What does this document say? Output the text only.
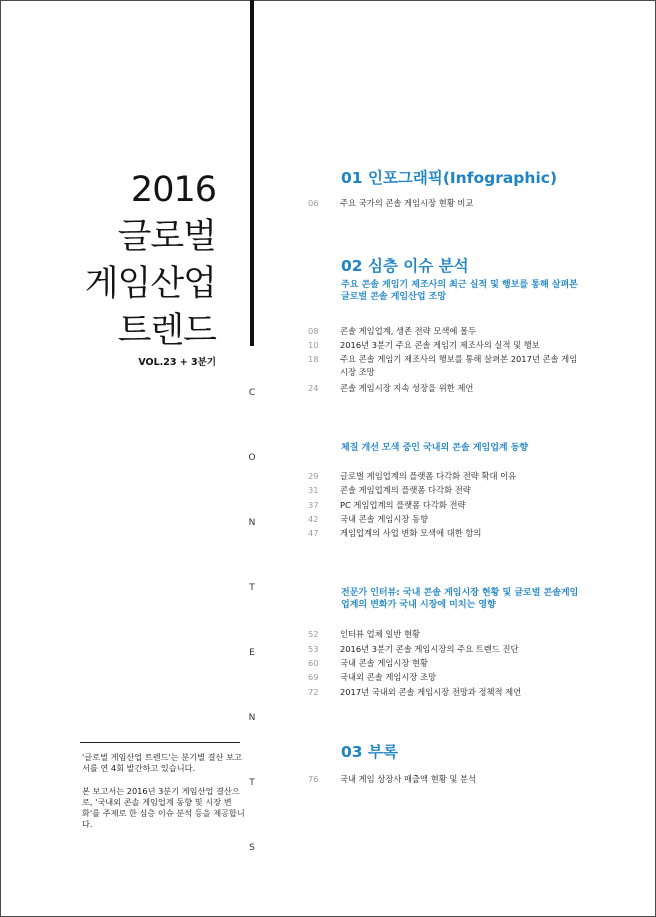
2016
글로벌
게임산업
트렌드
VOL.23 + 3분기
C
O
N
T
E
N
T
S
'글로벌 게임산업 트렌드'는 분기별 결산 보고서를 연 4회 발간하고 있습니다.
본 보고서는 2016년 3분기 게임산업 결산으로, '국내외 콘솔 게임업계 동향 및 시장 변화'를 주제로 한 심층 이슈 분석 등을 제공합니다.
01 인포그래픽(Infographic)
06	주요 국가의 콘솔 게임시장 현황 비교
02 심층 이슈 분석
주요 콘솔 게임기 제조사의 최근 실적 및 행보를 통해 살펴본 글로벌 콘솔 게임산업 조망
08	콘솔 게임업계, 생존 전략 모색에 몰두
10	2016년 3분기 주요 콘솔 게임기 제조사의 실적 및 행보
18	주요 콘솔 게임기 제조사의 행보를 통해 살펴본 2017년 콘솔 게임시장 조망
24	콘솔 게임시장 지속 성장을 위한 제언
체질 개선 모색 중인 국내외 콘솔 게임업계 동향
29	글로벌 게임업계의 플랫폼 다각화 전략 확대 이유
31	콘솔 게임업계의 플랫폼 다각화 전략
37	PC 게임업계의 플랫폼 다각화 전략
42	국내 콘솔 게임시장 동향
47	게임업계의 사업 변화 모색에 대한 함의
전문가 인터뷰: 국내 콘솔 게임시장 현황 및 글로벌 콘솔게임업계의 변화가 국내 시장에 미치는 영향
52	인터뷰 업체 일반 현황
53	2016년 3분기 콘솔 게임시장의 주요 트렌드 진단
60	국내 콘솔 게임시장 현황
69	국내외 콘솔 게임시장 조망
72	2017년 국내외 콘솔 게임시장 전망과 정책적 제언
03 부록
76	국내 게임 상장사 매출액 현황 및 분석
